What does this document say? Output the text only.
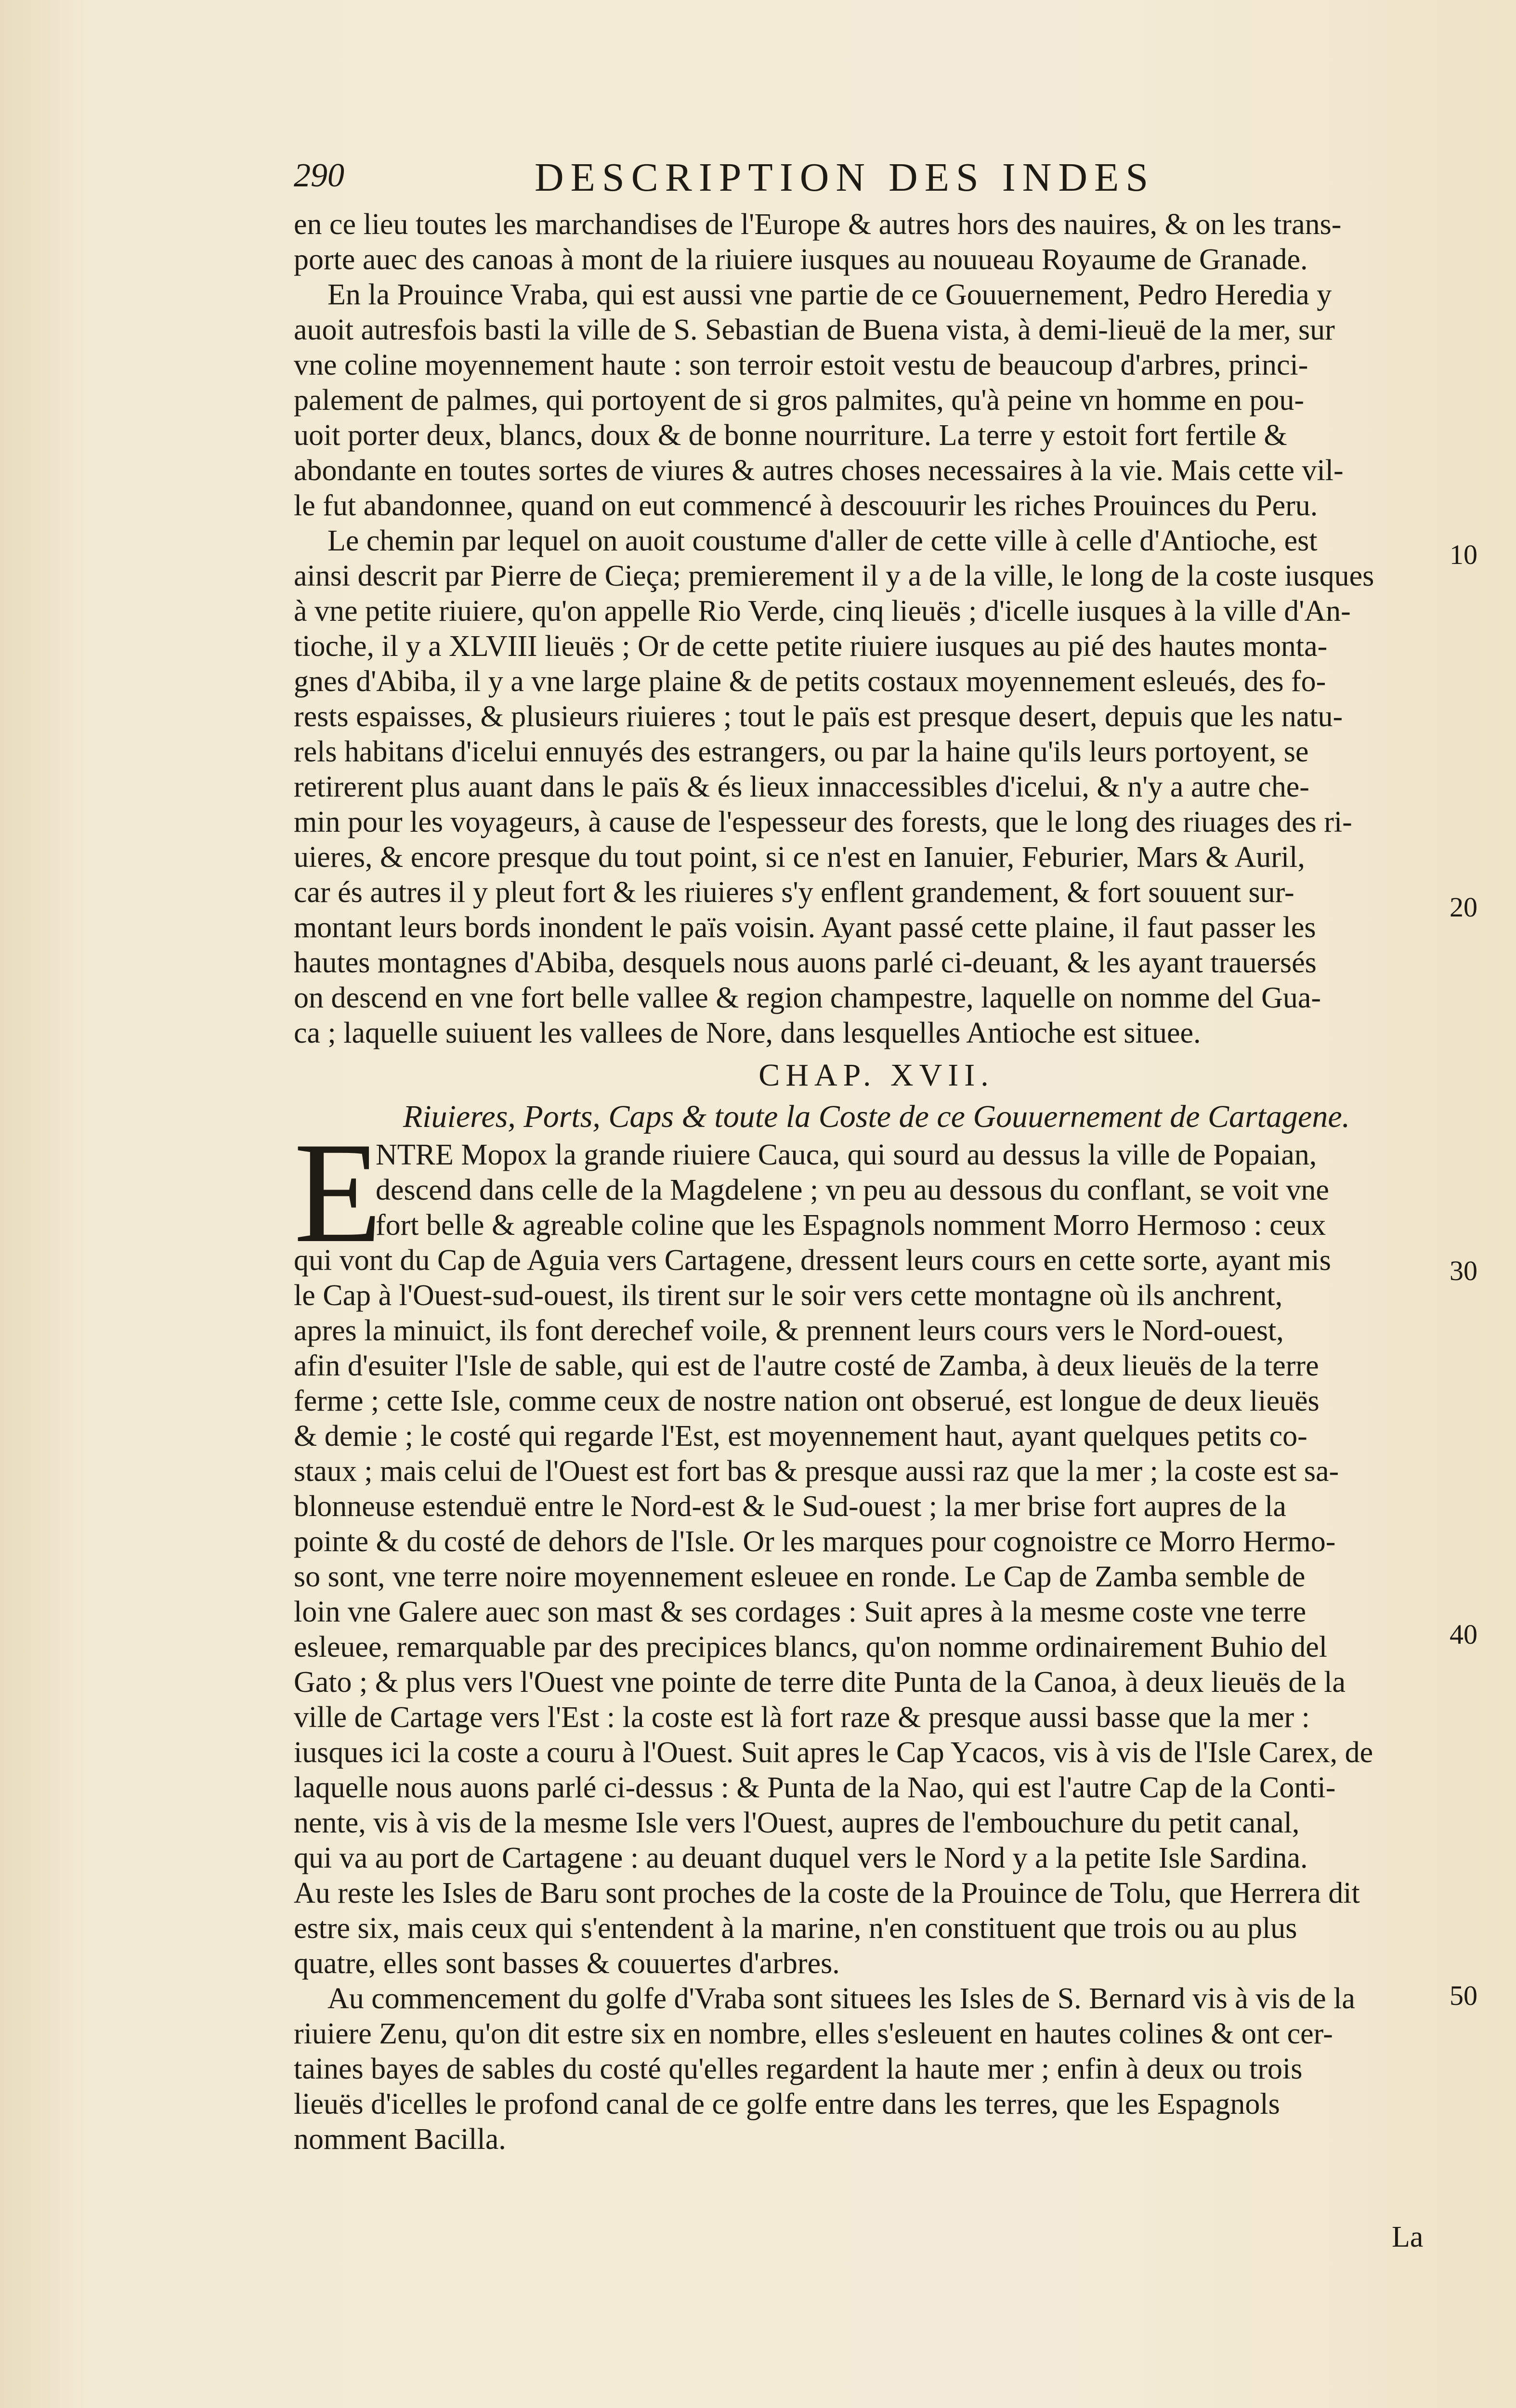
290	DESCRIPTION DES INDES
en ce lieu toutes les marchandises de l'Europe & autres hors des nauires, & on les trans-
porte auec des canoas à mont de la riuiere iusques au nouueau Royaume de Granade.
En la Prouince Vraba, qui est aussi vne partie de ce Gouuernement, Pedro Heredia y
auoit autresfois basti la ville de S. Sebastian de Buena vista, à demi-lieuë de la mer, sur
vne coline moyennement haute : son terroir estoit vestu de beaucoup d'arbres, princi-
palement de palmes, qui portoyent de si gros palmites, qu'à peine vn homme en pou-
uoit porter deux, blancs, doux & de bonne nourriture. La terre y estoit fort fertile &
abondante en toutes sortes de viures & autres choses necessaires à la vie. Mais cette vil-
le fut abandonnee, quand on eut commencé à descouurir les riches Prouinces du Peru.
Le chemin par lequel on auoit coustume d'aller de cette ville à celle d'Antioche, est
ainsi descrit par Pierre de Cieça; premierement il y a de la ville, le long de la coste iusques
à vne petite riuiere, qu'on appelle Rio Verde, cinq lieuës ; d'icelle iusques à la ville d'An-
tioche, il y a XLVIII lieuës ; Or de cette petite riuiere iusques au pié des hautes monta-
gnes d'Abiba, il y a vne large plaine & de petits costaux moyennement esleués, des fo-
rests espaisses, & plusieurs riuieres ; tout le païs est presque desert, depuis que les natu-
rels habitans d'icelui ennuyés des estrangers, ou par la haine qu'ils leurs portoyent, se
retirerent plus auant dans le païs & és lieux innaccessibles d'icelui, & n'y a autre che-
min pour les voyageurs, à cause de l'espesseur des forests, que le long des riuages des ri-
uieres, & encore presque du tout point, si ce n'est en Ianuier, Feburier, Mars & Auril,
car és autres il y pleut fort & les riuieres s'y enflent grandement, & fort souuent sur-
montant leurs bords inondent le païs voisin. Ayant passé cette plaine, il faut passer les
hautes montagnes d'Abiba, desquels nous auons parlé ci-deuant, & les ayant trauersés
on descend en vne fort belle vallee & region champestre, laquelle on nomme del Gua-
ca ; laquelle suiuent les vallees de Nore, dans lesquelles Antioche est situee.
CHAP. XVII.
Riuieres, Ports, Caps & toute la Coste de ce Gouuernement de Cartagene.
E
NTRE Mopox la grande riuiere Cauca, qui sourd au dessus la ville de Popaian,
descend dans celle de la Magdelene ; vn peu au dessous du conflant, se voit vne
fort belle & agreable coline que les Espagnols nomment Morro Hermoso : ceux
qui vont du Cap de Aguia vers Cartagene, dressent leurs cours en cette sorte, ayant mis
le Cap à l'Ouest-sud-ouest, ils tirent sur le soir vers cette montagne où ils anchrent,
apres la minuict, ils font derechef voile, & prennent leurs cours vers le Nord-ouest,
afin d'esuiter l'Isle de sable, qui est de l'autre costé de Zamba, à deux lieuës de la terre
ferme ; cette Isle, comme ceux de nostre nation ont obserué, est longue de deux lieuës
& demie ; le costé qui regarde l'Est, est moyennement haut, ayant quelques petits co-
staux ; mais celui de l'Ouest est fort bas & presque aussi raz que la mer ; la coste est sa-
blonneuse estenduë entre le Nord-est & le Sud-ouest ; la mer brise fort aupres de la
pointe & du costé de dehors de l'Isle. Or les marques pour cognoistre ce Morro Hermo-
so sont, vne terre noire moyennement esleuee en ronde. Le Cap de Zamba semble de
loin vne Galere auec son mast & ses cordages : Suit apres à la mesme coste vne terre
esleuee, remarquable par des precipices blancs, qu'on nomme ordinairement Buhio del
Gato ; & plus vers l'Ouest vne pointe de terre dite Punta de la Canoa, à deux lieuës de la
ville de Cartage vers l'Est : la coste est là fort raze & presque aussi basse que la mer :
iusques ici la coste a couru à l'Ouest. Suit apres le Cap Ycacos, vis à vis de l'Isle Carex, de
laquelle nous auons parlé ci-dessus : & Punta de la Nao, qui est l'autre Cap de la Conti-
nente, vis à vis de la mesme Isle vers l'Ouest, aupres de l'embouchure du petit canal,
qui va au port de Cartagene : au deuant duquel vers le Nord y a la petite Isle Sardina.
Au reste les Isles de Baru sont proches de la coste de la Prouince de Tolu, que Herrera dit
estre six, mais ceux qui s'entendent à la marine, n'en constituent que trois ou au plus
quatre, elles sont basses & couuertes d'arbres.
Au commencement du golfe d'Vraba sont situees les Isles de S. Bernard vis à vis de la
riuiere Zenu, qu'on dit estre six en nombre, elles s'esleuent en hautes colines & ont cer-
taines bayes de sables du costé qu'elles regardent la haute mer ; enfin à deux ou trois
lieuës d'icelles le profond canal de ce golfe entre dans les terres, que les Espagnols
nomment Bacilla.
10
20
30
40
50
La
